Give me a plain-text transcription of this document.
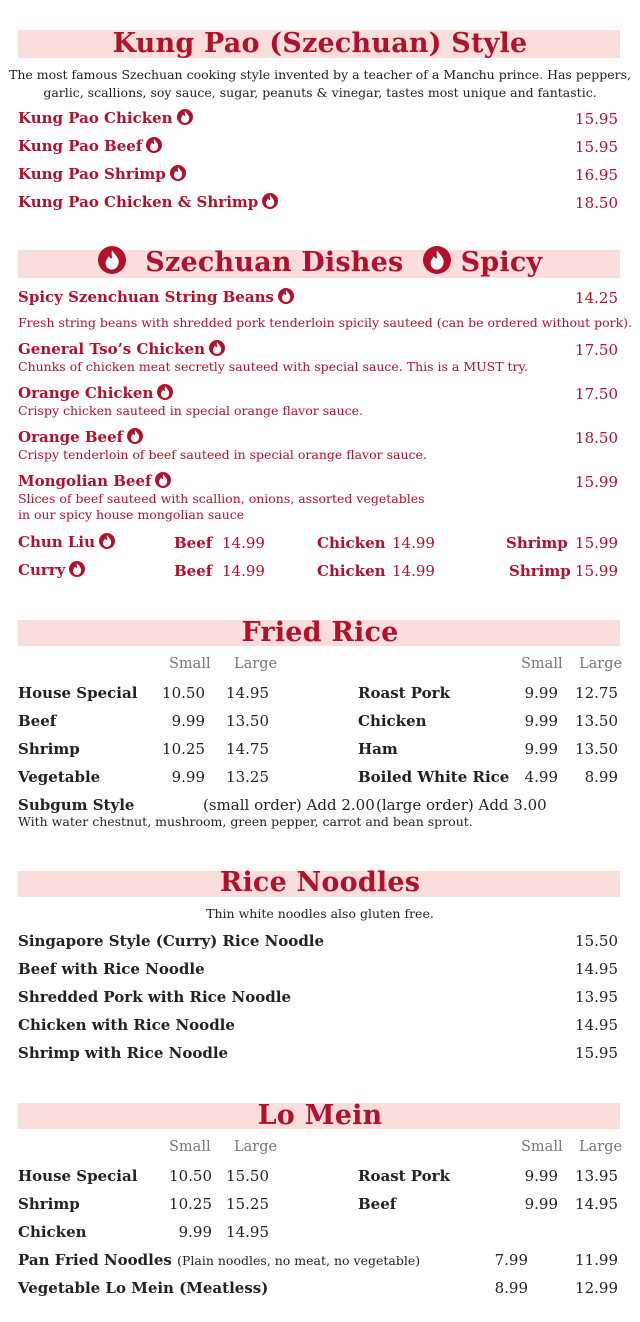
Kung Pao (Szechuan) Style
The most famous Szechuan cooking style invented by a teacher of a Manchu prince. Has peppers,
garlic, scallions, soy sauce, sugar, peanuts & vinegar, tastes most unique and fantastic.
Kung Pao Chicken	15.95
Kung Pao Beef	15.95
Kung Pao Shrimp	16.95
Kung Pao Chicken & Shrimp	18.50
Szechuan Dishes Spicy
Spicy Szenchuan String Beans	14.25
Fresh string beans with shredded pork tenderloin spicily sauteed (can be ordered without pork).
General Tso’s Chicken	17.50
Chunks of chicken meat secretly sauteed with special sauce. This is a MUST try.
Orange Chicken	17.50
Crispy chicken sauteed in special orange flavor sauce.
Orange Beef	18.50
Crispy tenderloin of beef sauteed in special orange flavor sauce.
Mongolian Beef	15.99
Slices of beef sauteed with scallion, onions, assorted vegetables
in our spicy house mongolian sauce
Chun Liu	Beef 14.99	Chicken 14.99	Shrimp 15.99
Curry	Beef 14.99	Chicken 14.99	Shrimp 15.99
Fried Rice
Small Large	Small Large
House Special 10.50 14.95
Beef	9.99 13.50
Shrimp	10.25 14.75
Vegetable	9.99 13.25
Roast Pork	9.99 12.75
Chicken	9.99 13.50
Ham	9.99 13.50
Boiled White Rice 4.99 8.99
Subgum Style	(small order) Add 2.00 (large order) Add 3.00
With water chestnut, mushroom, green pepper, carrot and bean sprout.
Rice Noodles
Thin white noodles also gluten free.
Singapore Style (Curry) Rice Noodle	15.50
Beef with Rice Noodle	14.95
Shredded Pork with Rice Noodle	13.95
Chicken with Rice Noodle	14.95
Shrimp with Rice Noodle	15.95
Lo Mein
Small Large	Small Large
House Special 10.50 15.50
Shrimp	10.25 15.25
Chicken	9.99 14.95
Roast Pork	9.99 13.95
Beef	9.99 14.95
Pan Fried Noodles (Plain noodles, no meat, no vegetable)	7.99	11.99
Vegetable Lo Mein (Meatless)	8.99	12.99
